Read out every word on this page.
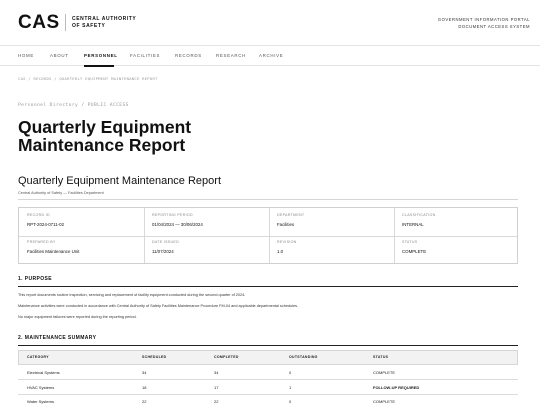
CAS CENTRAL AUTHORITY
OF SAFETY
GOVERNMENT INFORMATION PORTAL
DOCUMENT ACCESS SYSTEM
HOME	ABOUT	PERSONNEL	FACILITIES	RECORDS	RESEARCH	ARCHIVE
CAS / RECORDS / QUARTERLY EQUIPMENT MAINTENANCE REPORT
Personnel Directory / PUBLIC ACCESS
Quarterly Equipment
Maintenance Report
Quarterly Equipment Maintenance Report
Central Authority of Safety — Facilities Department
RECORD ID
RPT-2024-0711-02
REPORTING PERIOD
01/04/2024 — 30/06/2024
DEPARTMENT
Facilities
CLASSIFICATION
INTERNAL
PREPARED BY
Facilities Maintenance Unit
DATE ISSUED
11/07/2024
REVISION
1.0
STATUS
COMPLETE
1. PURPOSE
This report documents routine inspection, servicing and replacement of facility equipment conducted during the second quarter of 2024.
Maintenance activities were conducted in accordance with Central Authority of Safety Facilities Maintenance Procedure FM-04 and applicable departmental schedules.
No major equipment failures were reported during the reporting period.
2. MAINTENANCE SUMMARY
CATEGORY	SCHEDULED	COMPLETED	OUTSTANDING	STATUS
Electrical Systems	34	34	0	COMPLETE
HVAC Systems	18	17	1	FOLLOW-UP REQUIRED
Water Systems	22	22	0	COMPLETE
